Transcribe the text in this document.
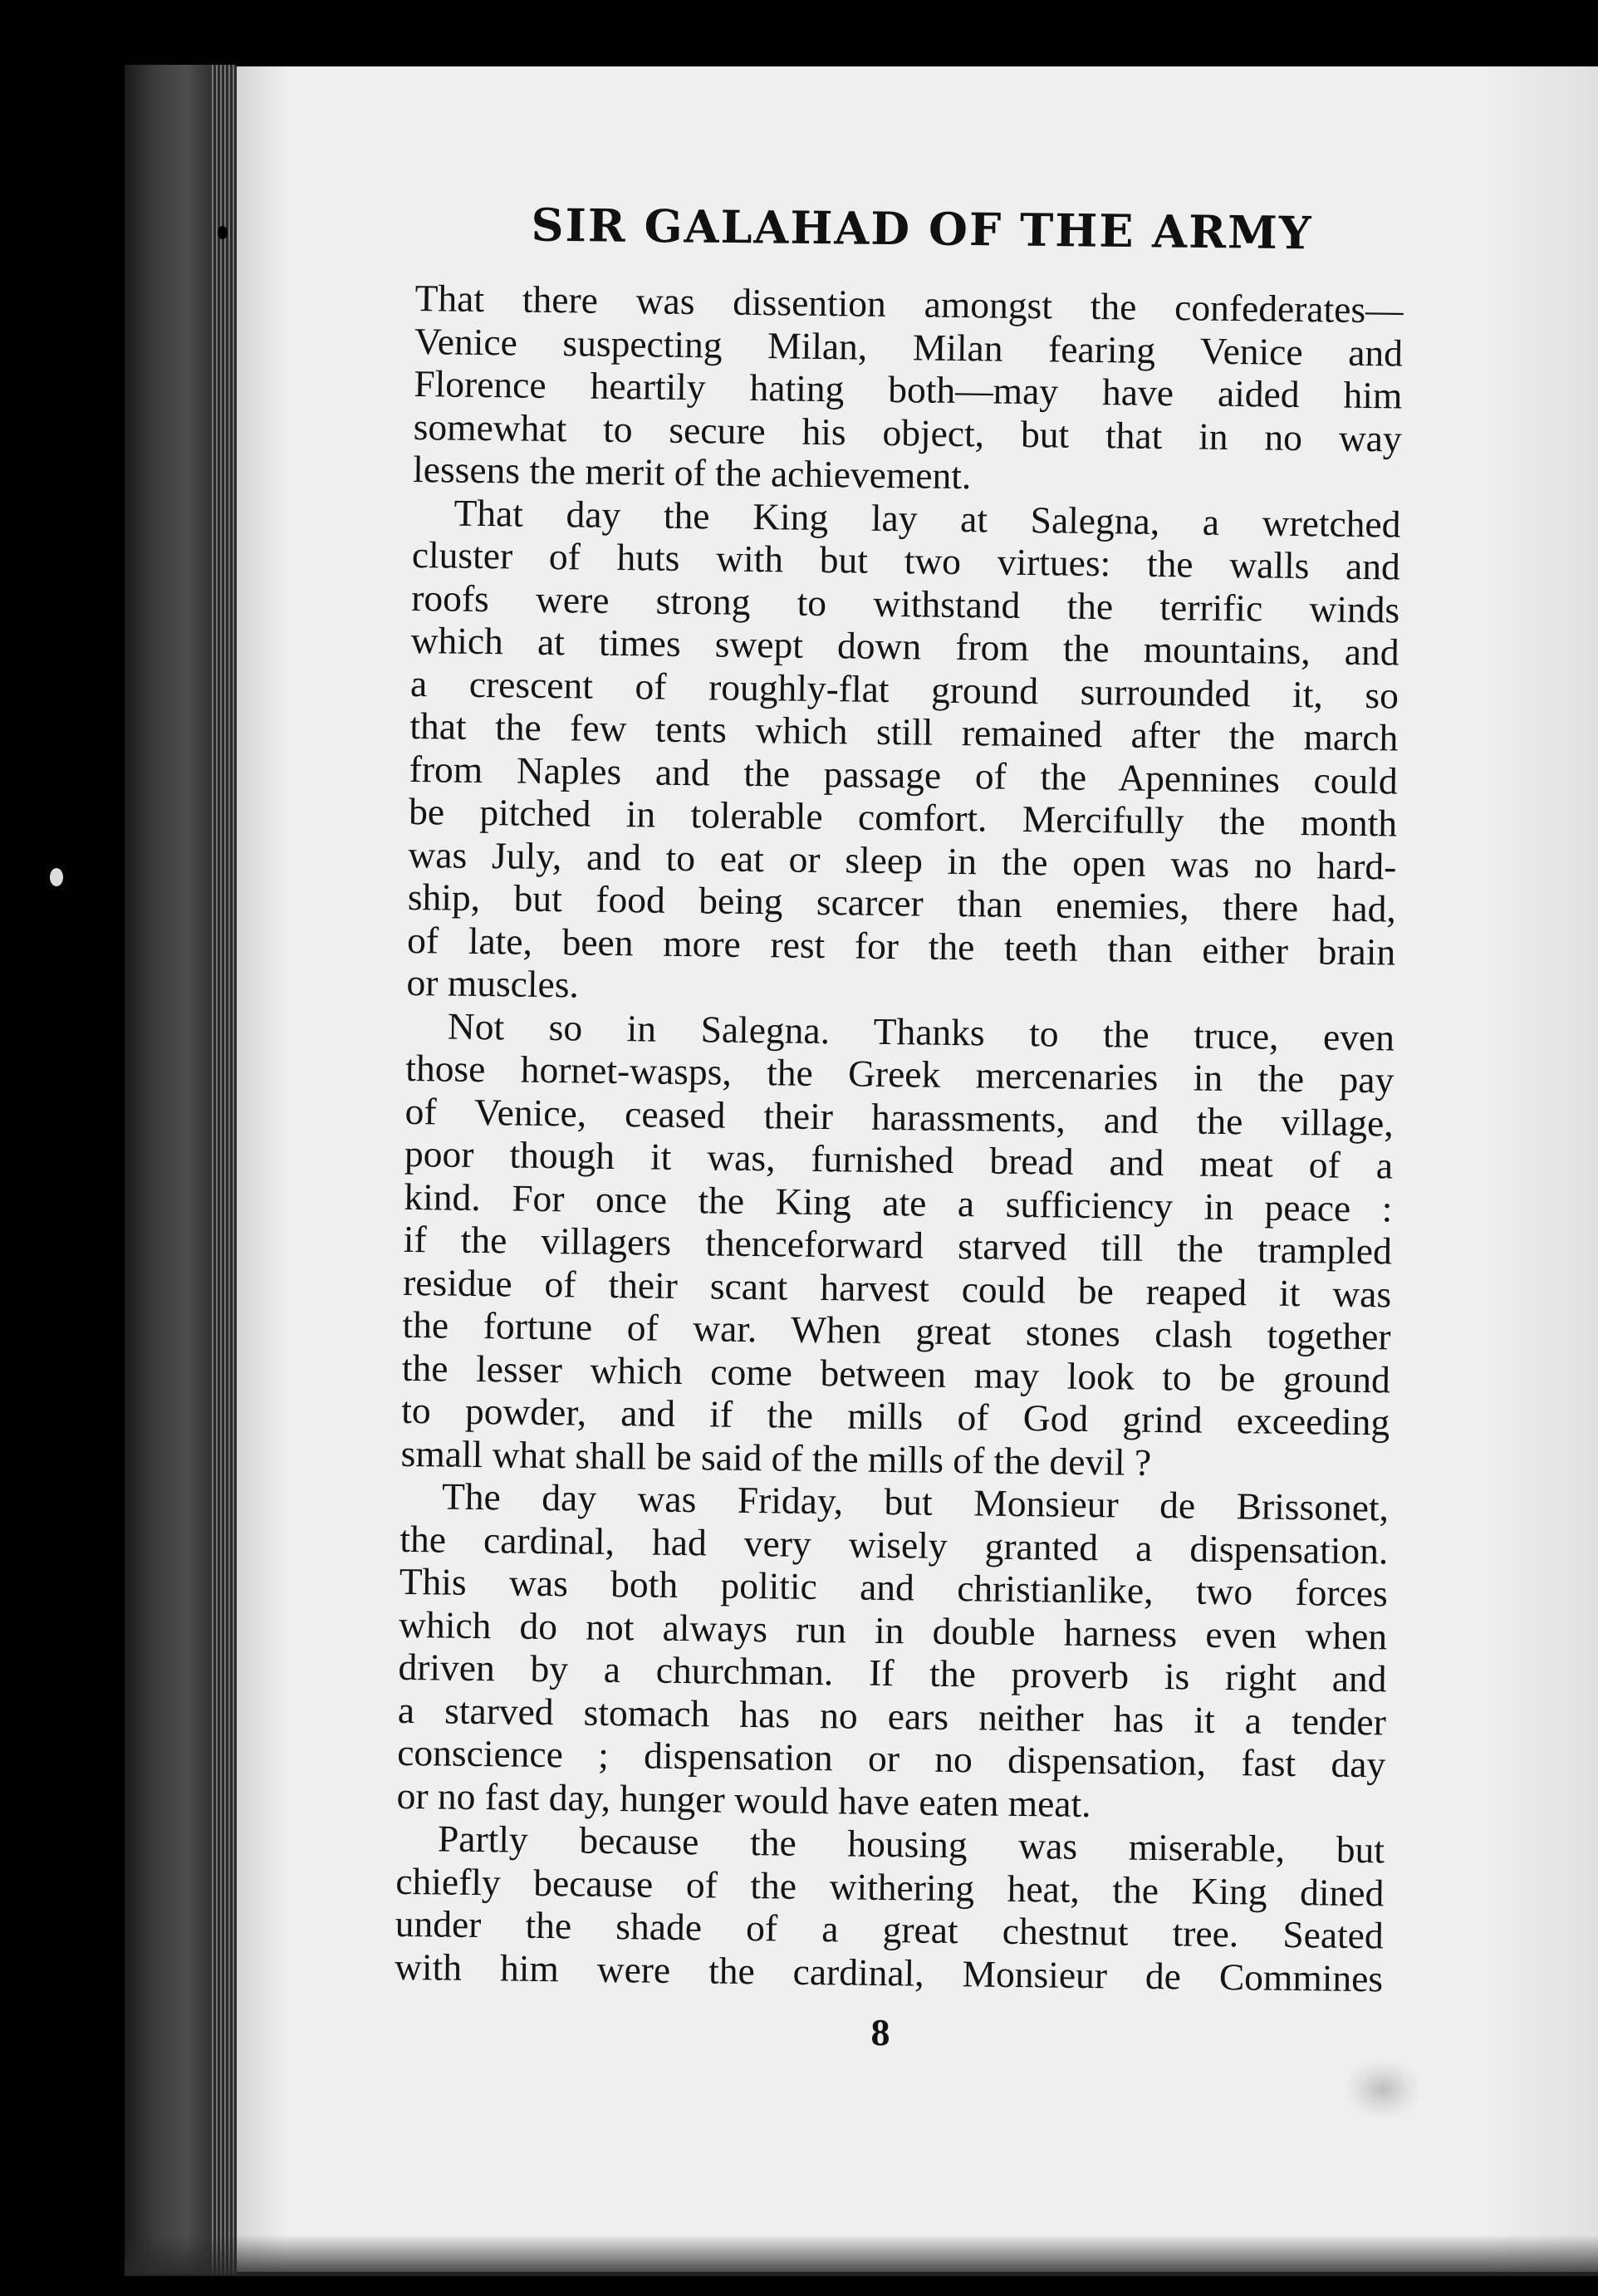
SIR GALAHAD OF THE ARMY
That there was dissention amongst the confederates—
Venice suspecting Milan, Milan fearing Venice and
Florence heartily hating both—may have aided him
somewhat to secure his object, but that in no way
lessens the merit of the achievement.
That day the King lay at Salegna, a wretched
cluster of huts with but two virtues: the walls and
roofs were strong to withstand the terrific winds
which at times swept down from the mountains, and
a crescent of roughly-flat ground surrounded it, so
that the few tents which still remained after the march
from Naples and the passage of the Apennines could
be pitched in tolerable comfort. Mercifully the month
was July, and to eat or sleep in the open was no hard-
ship, but food being scarcer than enemies, there had,
of late, been more rest for the teeth than either brain
or muscles.
Not so in Salegna. Thanks to the truce, even
those hornet-wasps, the Greek mercenaries in the pay
of Venice, ceased their harassments, and the village,
poor though it was, furnished bread and meat of a
kind. For once the King ate a sufficiency in peace :
if the villagers thenceforward starved till the trampled
residue of their scant harvest could be reaped it was
the fortune of war. When great stones clash together
the lesser which come between may look to be ground
to powder, and if the mills of God grind exceeding
small what shall be said of the mills of the devil ?
The day was Friday, but Monsieur de Brissonet,
the cardinal, had very wisely granted a dispensation.
This was both politic and christianlike, two forces
which do not always run in double harness even when
driven by a churchman. If the proverb is right and
a starved stomach has no ears neither has it a tender
conscience ; dispensation or no dispensation, fast day
or no fast day, hunger would have eaten meat.
Partly because the housing was miserable, but
chiefly because of the withering heat, the King dined
under the shade of a great chestnut tree. Seated
with him were the cardinal, Monsieur de Commines
8
